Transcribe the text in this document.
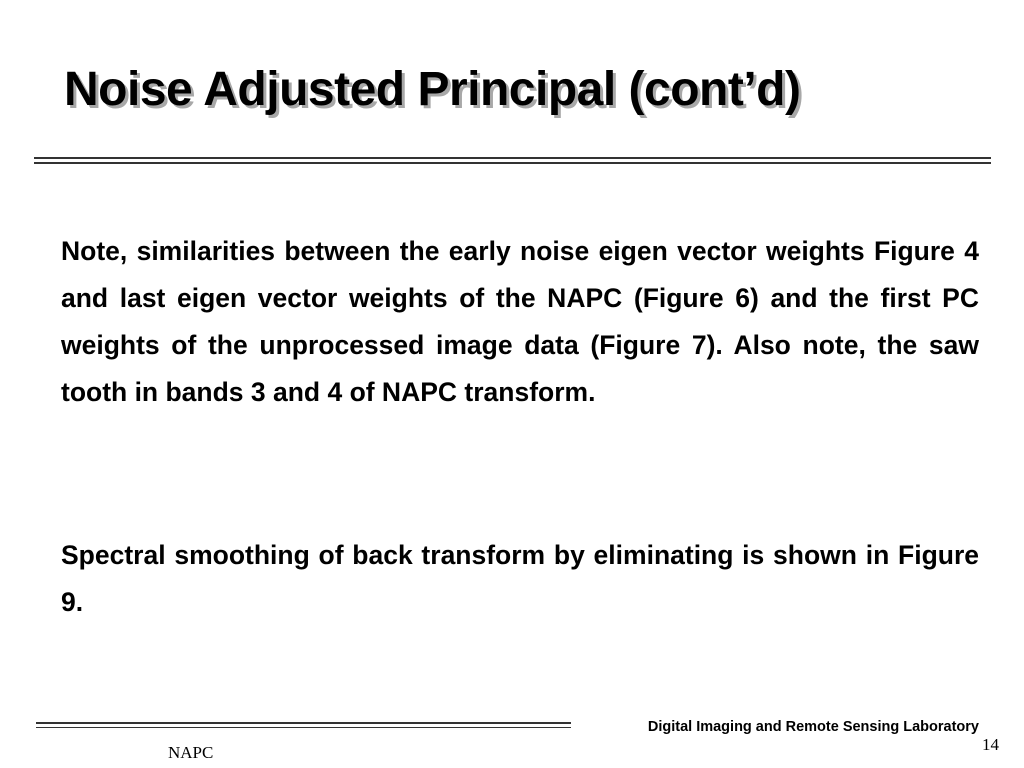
Noise Adjusted Principal (cont’d)

Note, similarities between the early noise eigen vector weights Figure 4 and last eigen vector weights of the NAPC (Figure 6) and the first PC weights of the unprocessed image data (Figure 7). Also note, the saw tooth in bands 3 and 4 of NAPC transform.

Spectral smoothing of back transform by eliminating is shown in Figure 9.

Digital Imaging and Remote Sensing Laboratory
14
NAPC
